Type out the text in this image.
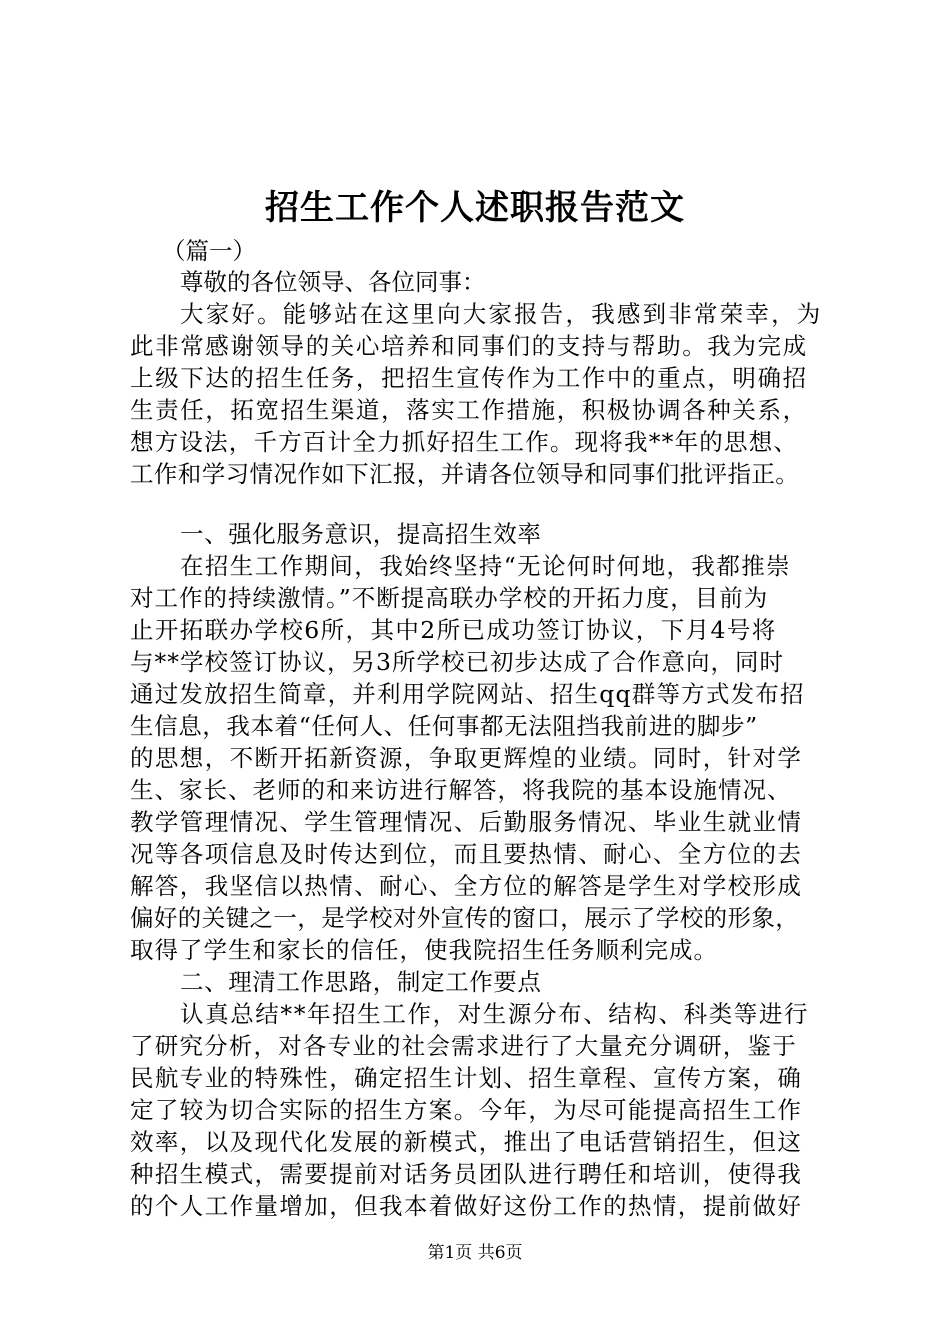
招生工作个人述职报告范文

（篇一）

尊敬的各位领导、各位同事：

大家好。能够站在这里向大家报告，我感到非常荣幸，为

此非常感谢领导的关心培养和同事们的支持与帮助。我为完成

上级下达的招生任务，把招生宣传作为工作中的重点，明确招

生责任，拓宽招生渠道，落实工作措施，积极协调各种关系，

想方设法，千方百计全力抓好招生工作。现将我**年的思想、

工作和学习情况作如下汇报，并请各位领导和同事们批评指正。

一、强化服务意识，提高招生效率

在招生工作期间，我始终坚持“无论何时何地，我都推崇

对工作的持续激情。”不断提高联办学校的开拓力度，目前为

止开拓联办学校6所，其中2所已成功签订协议，下月4号将

与**学校签订协议，另3所学校已初步达成了合作意向，同时

通过发放招生简章，并利用学院网站、招生qq群等方式发布招

生信息，我本着“任何人、任何事都无法阻挡我前进的脚步”

的思想，不断开拓新资源，争取更辉煌的业绩。同时，针对学

生、家长、老师的和来访进行解答，将我院的基本设施情况、

教学管理情况、学生管理情况、后勤服务情况、毕业生就业情

况等各项信息及时传达到位，而且要热情、耐心、全方位的去

解答，我坚信以热情、耐心、全方位的解答是学生对学校形成

偏好的关键之一，是学校对外宣传的窗口，展示了学校的形象，

取得了学生和家长的信任，使我院招生任务顺利完成。

二、理清工作思路，制定工作要点

认真总结**年招生工作，对生源分布、结构、科类等进行

了研究分析，对各专业的社会需求进行了大量充分调研，鉴于

民航专业的特殊性，确定招生计划、招生章程、宣传方案，确

定了较为切合实际的招生方案。今年，为尽可能提高招生工作

效率，以及现代化发展的新模式，推出了电话营销招生，但这

种招生模式，需要提前对话务员团队进行聘任和培训，使得我

的个人工作量增加，但我本着做好这份工作的热情，提前做好

第1页 共6页
